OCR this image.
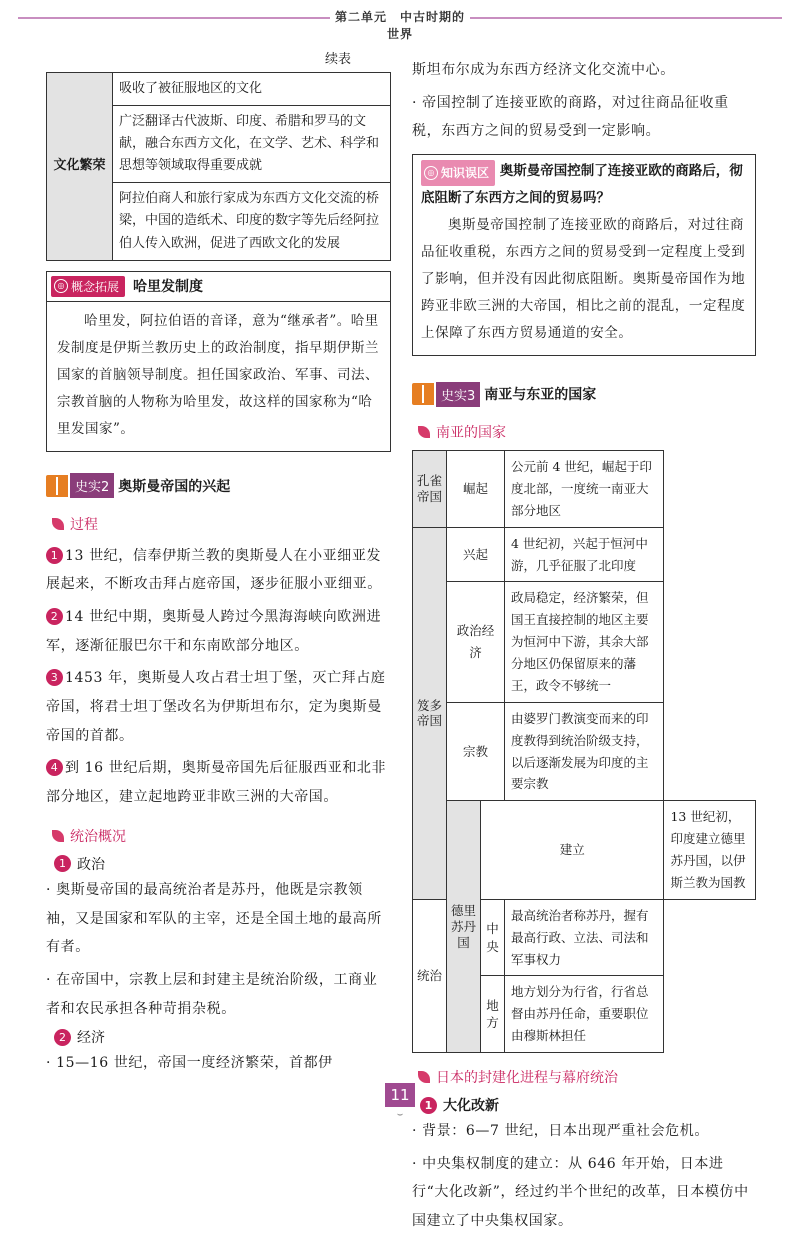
第二单元　中古时期的世界
续表
文化繁荣	吸收了被征服地区的文化
广泛翻译古代波斯、印度、希腊和罗马的文献，融合东西方文化，在文学、艺术、科学和思想等领域取得重要成就
阿拉伯商人和旅行家成为东西方文化交流的桥梁，中国的造纸术、印度的数字等先后经阿拉伯人传入欧洲，促进了西欧文化的发展
◎ 概念拓展 哈里发制度
哈里发，阿拉伯语的音译，意为“继承者”。哈里发制度是伊斯兰教历史上的政治制度，指早期伊斯兰国家的首脑领导制度。担任国家政治、军事、司法、宗教首脑的人物称为哈里发，故这样的国家称为“哈里发国家”。
史实2 奥斯曼帝国的兴起
过程

1 13 世纪，信奉伊斯兰教的奥斯曼人在小亚细亚发展起来，不断攻击拜占庭帝国，逐步征服小亚细亚。

2 14 世纪中期，奥斯曼人跨过今黑海海峡向欧洲进军，逐渐征服巴尔干和东南欧部分地区。

3 1453 年，奥斯曼人攻占君士坦丁堡，灭亡拜占庭帝国，将君士坦丁堡改名为伊斯坦布尔，定为奥斯曼帝国的首都。

4 到 16 世纪后期，奥斯曼帝国先后征服西亚和北非部分地区，建立起地跨亚非欧三洲的大帝国。

统治概况
1 政治

· 奥斯曼帝国的最高统治者是苏丹，他既是宗教领袖，又是国家和军队的主宰，还是全国土地的最高所有者。

· 在帝国中，宗教上层和封建主是统治阶级，工商业者和农民承担各种苛捐杂税。

2 经济

· 15—16 世纪，帝国一度经济繁荣，首都伊

斯坦布尔成为东西方经济文化交流中心。

· 帝国控制了连接亚欧的商路，对过往商品征收重税，东西方之间的贸易受到一定影响。

◎ 知识误区 奥斯曼帝国控制了连接亚欧的商路后，彻底阻断了东西方之间的贸易吗？
奥斯曼帝国控制了连接亚欧的商路后，对过往商品征收重税，东西方之间的贸易受到一定程度上受到了影响，但并没有因此彻底阻断。奥斯曼帝国作为地跨亚非欧三洲的大帝国，相比之前的混乱，一定程度上保障了东西方贸易通道的安全。
史实3 南亚与东亚的国家
南亚的国家
孔雀帝国	崛起		公元前 4 世纪，崛起于印度北部，一度统一南亚大部分地区	
笈多帝国	兴起		4 世纪初，兴起于恒河中游，几乎征服了北印度	
	政治经济		政局稳定，经济繁荣，但国王直接控制的地区主要为恒河中下游，其余大部分地区仍保留原来的藩王，政令不够统一	
	宗教		由婆罗门教演变而来的印度教得到统治阶级支持，以后逐渐发展为印度的主要宗教	
	德里苏丹国	建立		13 世纪初，印度建立德里苏丹国，以伊斯兰教为国教
统治		中央	最高统治者称苏丹，握有最高行政、立法、司法和军事权力	
		地方	地方划分为行省，行省总督由苏丹任命，重要职位由穆斯林担任	
日本的封建化进程与幕府统治
1 大化改新

· 背景：6—7 世纪，日本出现严重社会危机。

· 中央集权制度的建立：从 646 年开始，日本进行“大化改新”，经过约半个世纪的改革，日本模仿中国建立了中央集权国家。

11
⌣
